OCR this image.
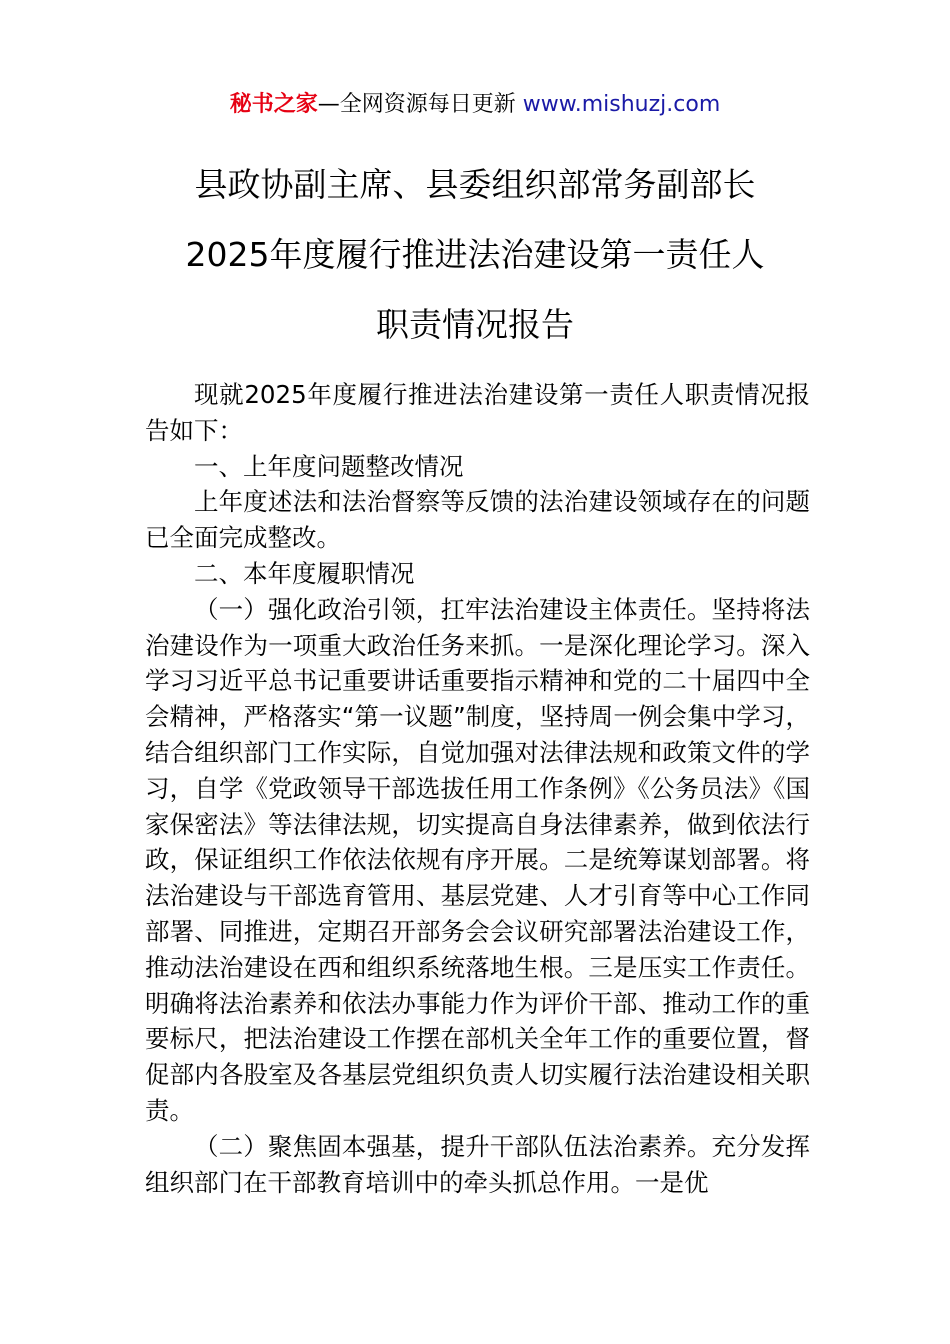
秘书之家—全网资源每日更新 www.mishuzj.com
县政协副主席、县委组织部常务副部长
2025年度履行推进法治建设第一责任人
职责情况报告

现就2025年度履行推进法治建设第一责任人职责情况报告如下：

一、上年度问题整改情况

上年度述法和法治督察等反馈的法治建设领域存在的问题已全面完成整改。

二、本年度履职情况

（一）强化政治引领，扛牢法治建设主体责任。坚持将法治建设作为一项重大政治任务来抓。一是深化理论学习。深入学习习近平总书记重要讲话重要指示精神和党的二十届四中全会精神，严格落实“第一议题”制度，坚持周一例会集中学习，结合组织部门工作实际，自觉加强对法律法规和政策文件的学习，自学《党政领导干部选拔任用工作条例》《公务员法》《国家保密法》等法律法规，切实提高自身法律素养，做到依法行政，保证组织工作依法依规有序开展。二是统筹谋划部署。将法治建设与干部选育管用、基层党建、人才引育等中心工作同部署、同推进，定期召开部务会会议研究部署法治建设工作，推动法治建设在西和组织系统落地生根。三是压实工作责任。明确将法治素养和依法办事能力作为评价干部、推动工作的重要标尺，把法治建设工作摆在部机关全年工作的重要位置，督促部内各股室及各基层党组织负责人切实履行法治建设相关职责。

（二）聚焦固本强基，提升干部队伍法治素养。充分发挥组织部门在干部教育培训中的牵头抓总作用。一是优
